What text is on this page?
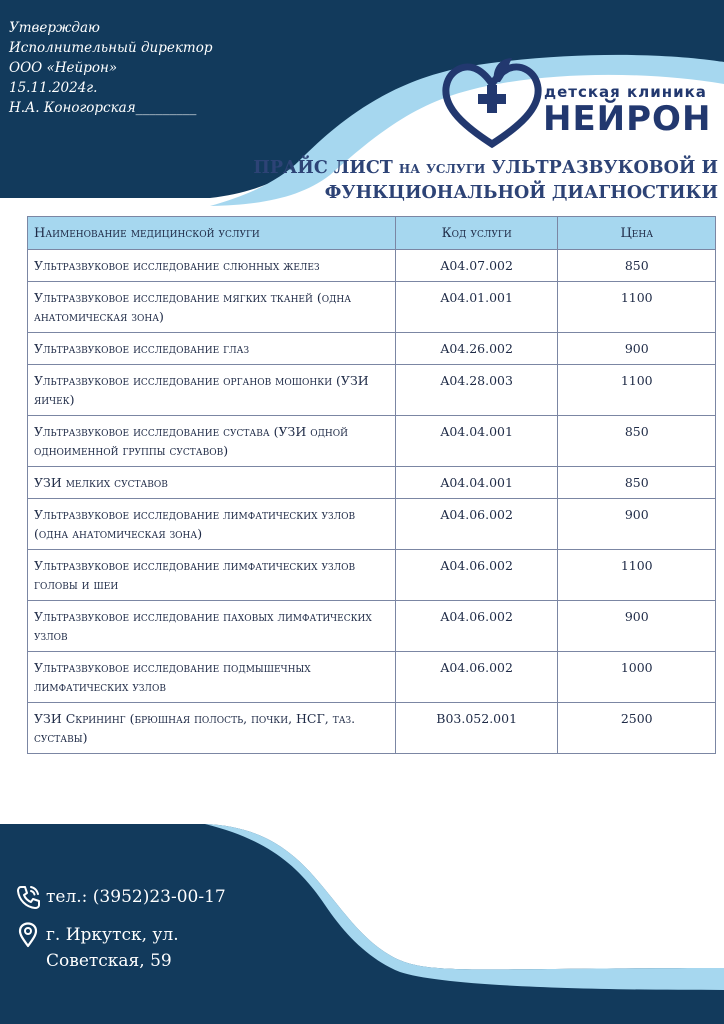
Утверждаю
Исполнительный директор
ООО «Нейрон»
15.11.2024г.
Н.А. Коногорская_________
детская клиника
НЕЙРОН
ПРАЙС ЛИСТ на услуги УЛЬТРАЗВУКОВОЙ И
ФУНКЦИОНАЛЬНОЙ ДИАГНОСТИКИ
Наименование медицинской услуги	Код услуги	Цена
Ультразвуковое исследование слюнных желез	A04.07.002	850
Ультразвуковое исследование мягких тканей (одна анатомическая зона)	A04.01.001	1100
Ультразвуковое исследование глаз	A04.26.002	900
Ультразвуковое исследование органов мошонки (УЗИ яичек)	A04.28.003	1100
Ультразвуковое исследование сустава (УЗИ одной одноименной группы суставов)	A04.04.001	850
УЗИ мелких суставов	A04.04.001	850
Ультразвуковое исследование лимфатических узлов (одна анатомическая зона)	A04.06.002	900
Ультразвуковое исследование лимфатических узлов головы и шеи	A04.06.002	1100
Ультразвуковое исследование паховых лимфатических узлов	A04.06.002	900
Ультразвуковое исследование подмышечных лимфатических узлов	A04.06.002	1000
УЗИ Скрининг (брюшная полость, почки, НСГ, таз. суставы)	B03.052.001	2500
тел.: (3952)23-00-17
г. Иркутск, ул.
Советская, 59
